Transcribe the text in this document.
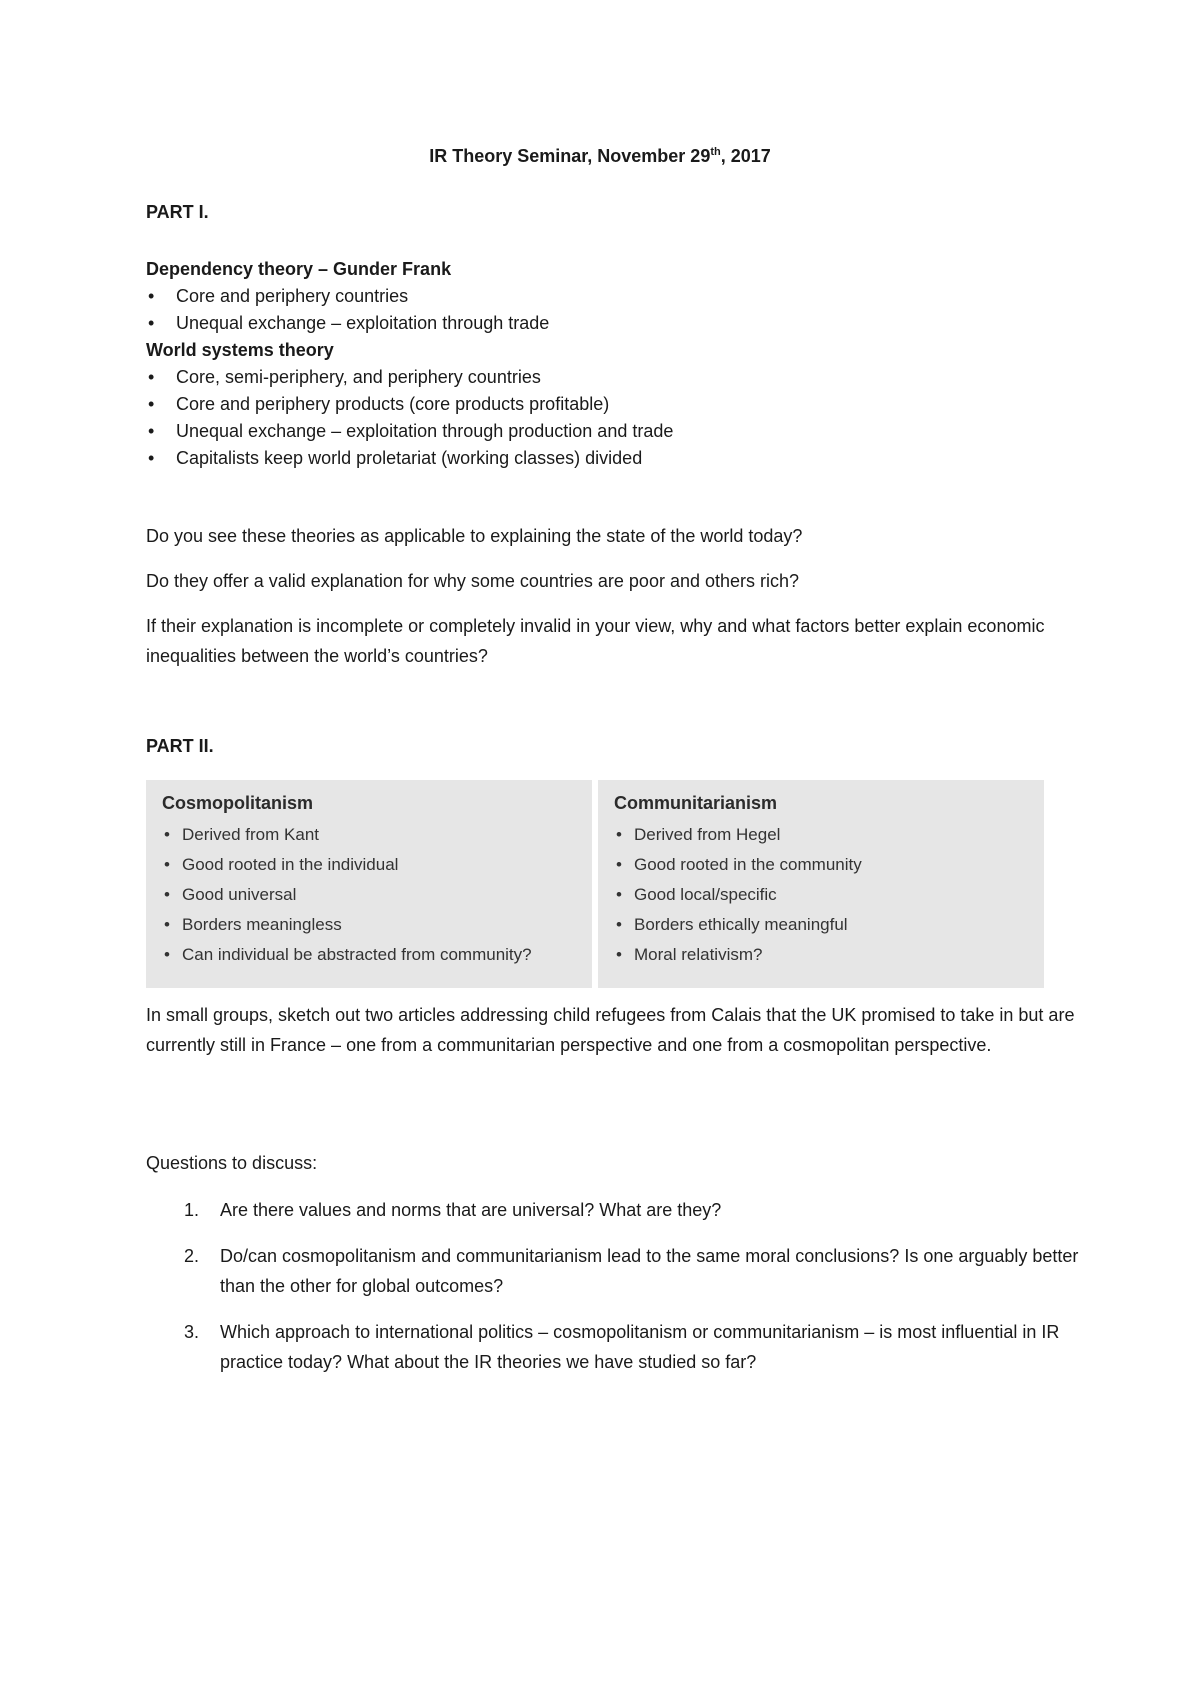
IR Theory Seminar, November 29th, 2017
PART I.

Dependency theory – Gunder Frank

• Core and periphery countries
• Unequal exchange – exploitation through trade

World systems theory

• Core, semi-periphery, and periphery countries
• Core and periphery products (core products profitable)
• Unequal exchange – exploitation through production and trade
• Capitalists keep world proletariat (working classes) divided

Do you see these theories as applicable to explaining the state of the world today?

Do they offer a valid explanation for why some countries are poor and others rich?

If their explanation is incomplete or completely invalid in your view, why and what factors better explain economic inequalities between the world’s countries?

PART II.
Cosmopolitanism
• Derived from Kant
• Good rooted in the individual
• Good universal
• Borders meaningless
• Can individual be abstracted from community?
Communitarianism
• Derived from Hegel
• Good rooted in the community
• Good local/specific
• Borders ethically meaningful
• Moral relativism?

In small groups, sketch out two articles addressing child refugees from Calais that the UK promised to take in but are currently still in France – one from a communitarian perspective and one from a cosmopolitan perspective.

Questions to discuss:

1. Are there values and norms that are universal? What are they?
2. Do/can cosmopolitanism and communitarianism lead to the same moral conclusions? Is one arguably better than the other for global outcomes?
3. Which approach to international politics – cosmopolitanism or communitarianism – is most influential in IR practice today? What about the IR theories we have studied so far?
